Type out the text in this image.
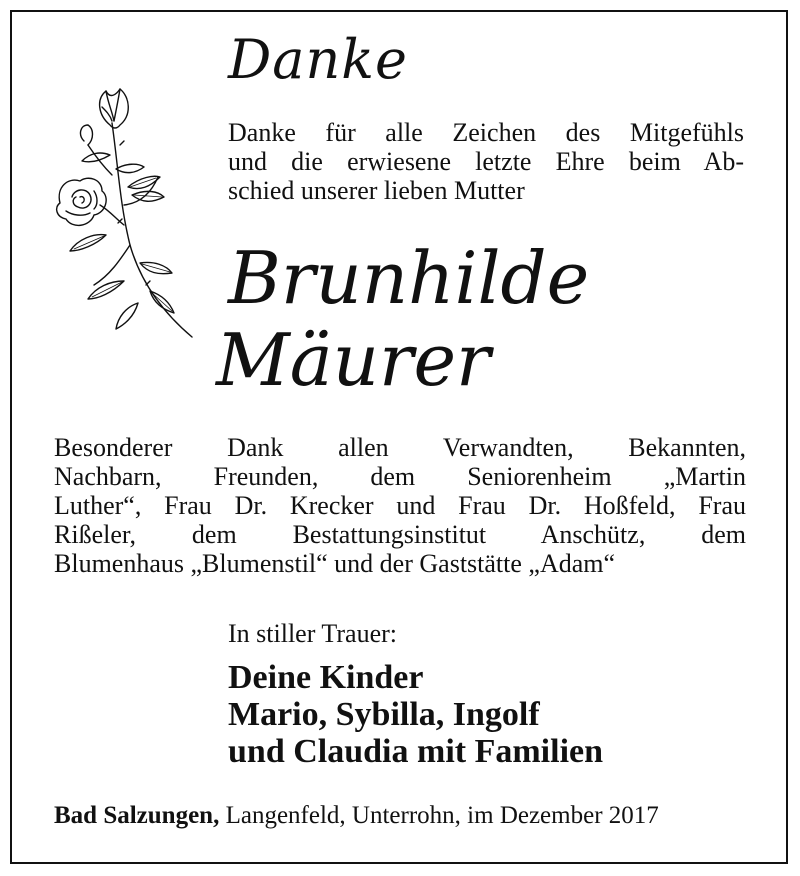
Danke
Danke für alle Zeichen des Mitgefühls
und die erwiesene letzte Ehre beim Ab-
schied unserer lieben Mutter
Brunhilde
Mäurer
Besonderer Dank allen Verwandten, Bekannten,
Nachbarn, Freunden, dem Seniorenheim „Martin
Luther“, Frau Dr. Krecker und Frau Dr. Hoßfeld, Frau
Rißeler, dem Bestattungsinstitut Anschütz, dem
Blumenhaus „Blumenstil“ und der Gaststätte „Adam“
In stiller Trauer:
Deine Kinder
Mario, Sybilla, Ingolf
und Claudia mit Familien
Bad Salzungen, Langenfeld, Unterrohn, im Dezember 2017
